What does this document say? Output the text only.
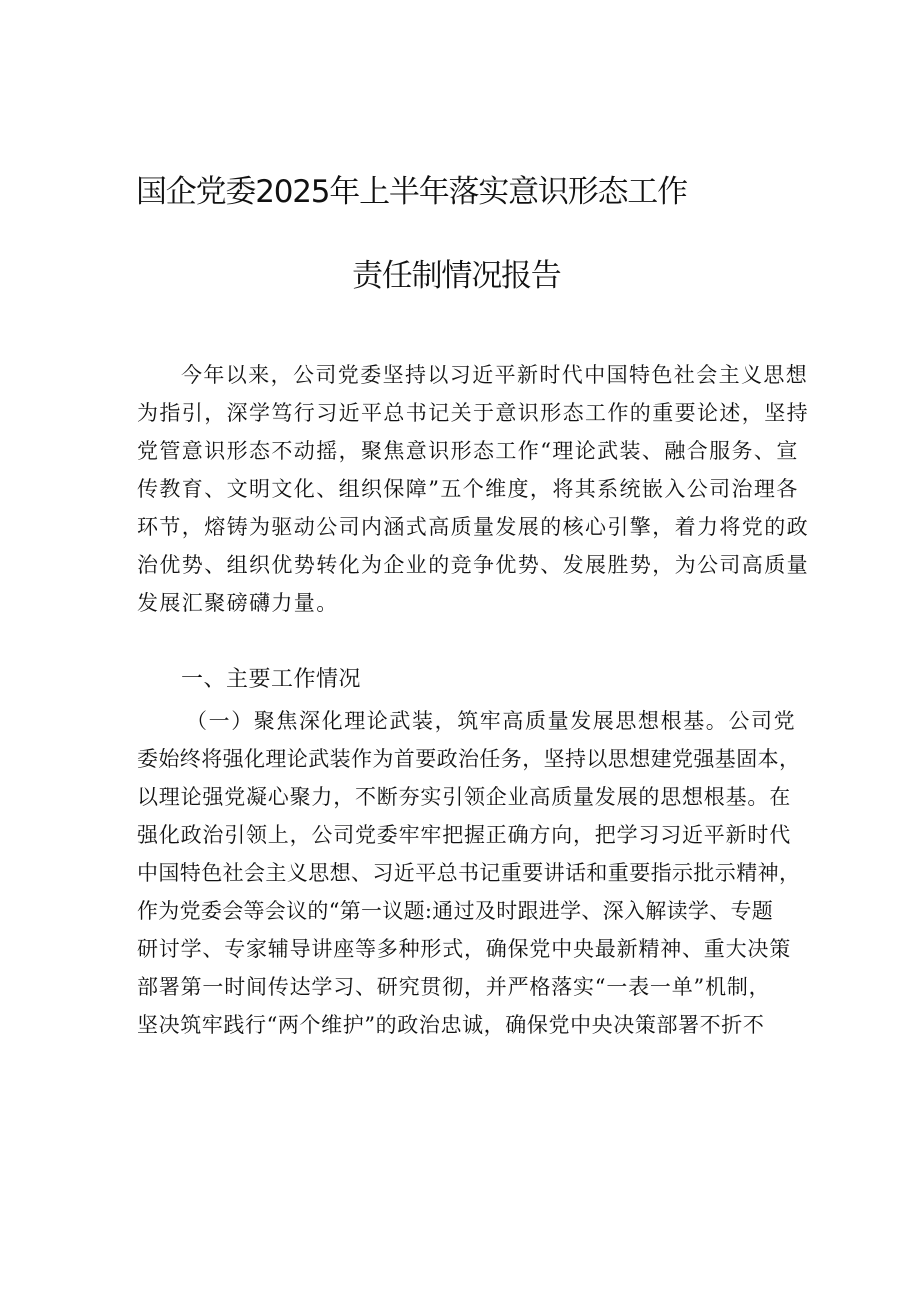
国企党委2025年上半年落实意识形态工作
责任制情况报告
今年以来，公司党委坚持以习近平新时代中国特色社会主义思想
为指引，深学笃行习近平总书记关于意识形态工作的重要论述，坚持
党管意识形态不动摇，聚焦意识形态工作“理论武装、融合服务、宣
传教育、文明文化、组织保障”五个维度，将其系统嵌入公司治理各
环节，熔铸为驱动公司内涵式高质量发展的核心引擎，着力将党的政
治优势、组织优势转化为企业的竞争优势、发展胜势，为公司高质量
发展汇聚磅礴力量。
一、主要工作情况
（一）聚焦深化理论武装，筑牢高质量发展思想根基。公司党
委始终将强化理论武装作为首要政治任务，坚持以思想建党强基固本，
以理论强党凝心聚力，不断夯实引领企业高质量发展的思想根基。在
强化政治引领上，公司党委牢牢把握正确方向，把学习习近平新时代
中国特色社会主义思想、习近平总书记重要讲话和重要指示批示精神，
作为党委会等会议的“第一议题:通过及时跟进学、深入解读学、专题
研讨学、专家辅导讲座等多种形式，确保党中央最新精神、重大决策
部署第一时间传达学习、研究贯彻，并严格落实“一表一单”机制，
坚决筑牢践行“两个维护”的政治忠诚，确保党中央决策部署不折不
